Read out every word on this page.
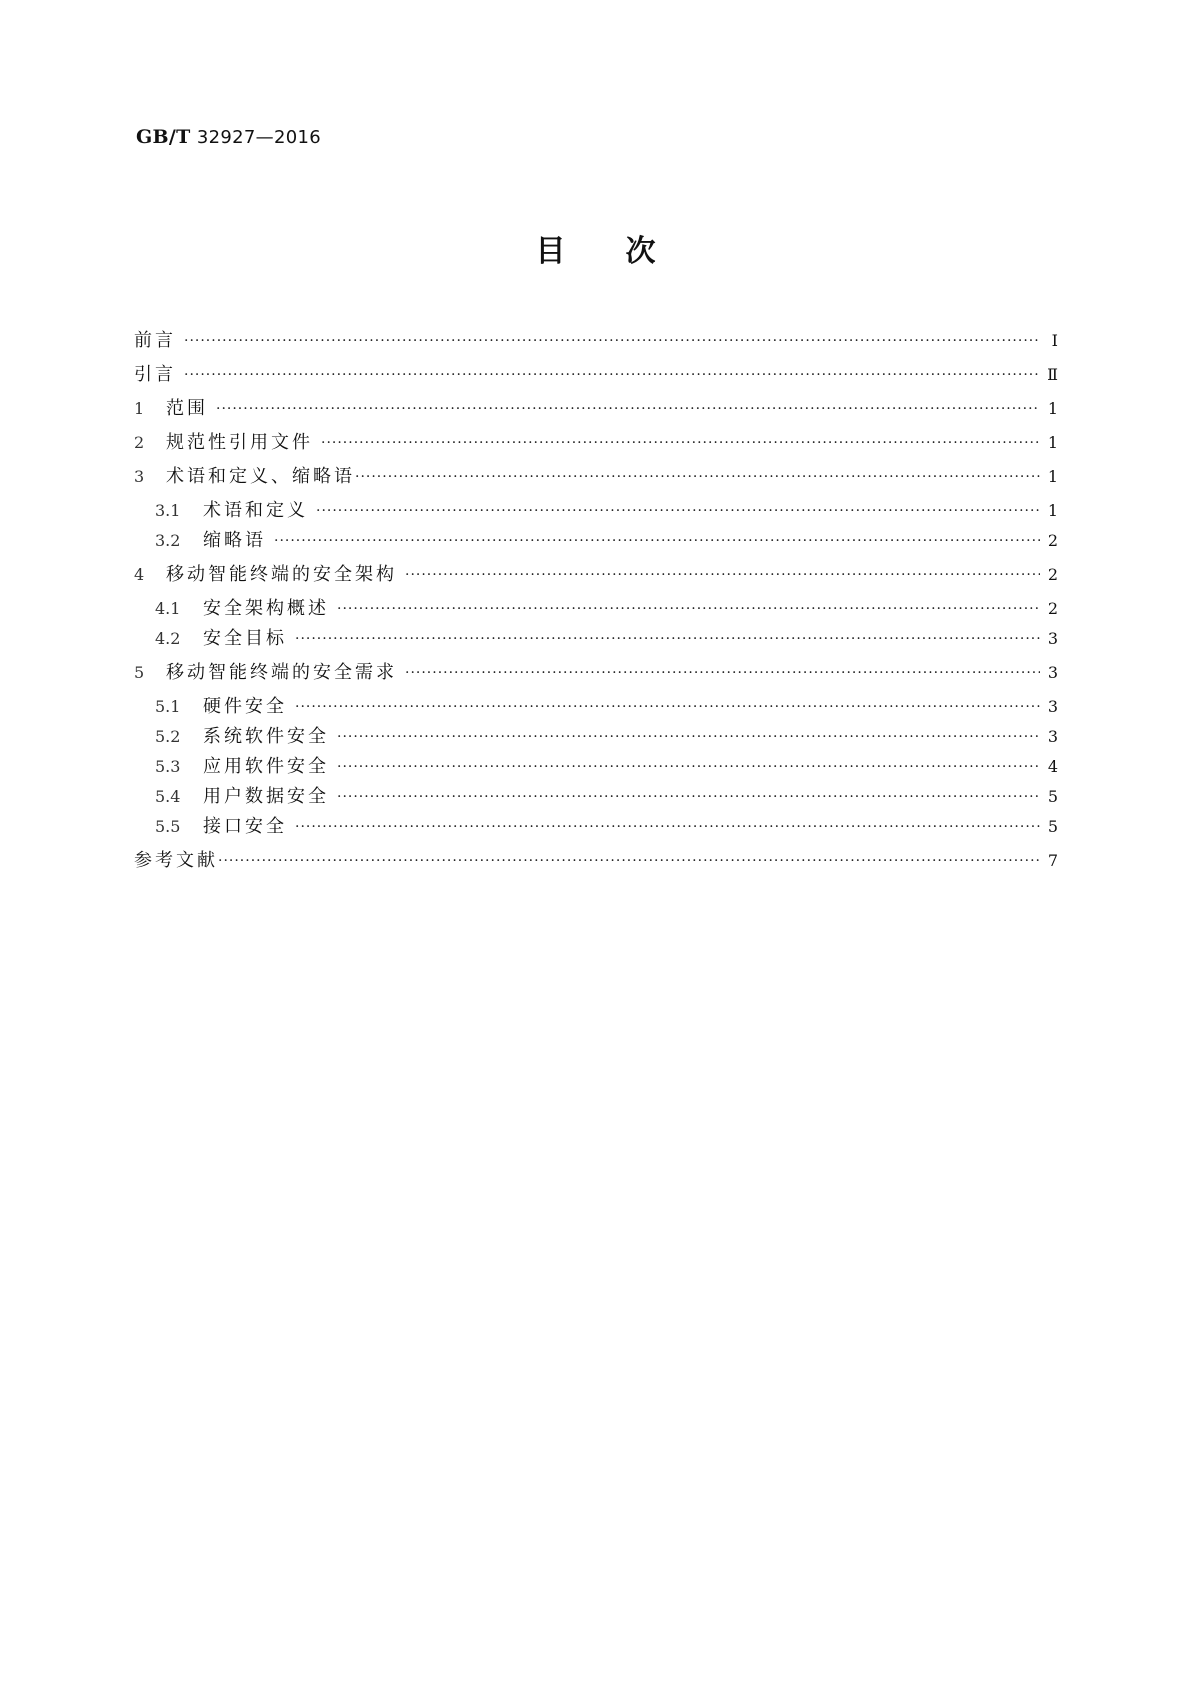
GB/T 32927—2016
目次
前言 ·····	Ⅰ
引言 ·····	Ⅱ
1	范围 ·····	1
2	规范性引用文件 ·····	1
3	术语和定义、缩略语 ·····	1
3.1	术语和定义 ·····	1
3.2	缩略语 ·····	2
4	移动智能终端的安全架构 ·····	2
4.1	安全架构概述 ·····	2
4.2	安全目标 ·····	3
5	移动智能终端的安全需求 ·····	3
5.1	硬件安全 ·····	3
5.2	系统软件安全 ·····	3
5.3	应用软件安全 ·····	4
5.4	用户数据安全 ·····	5
5.5	接口安全 ·····	5
参考文献 ·····	7
